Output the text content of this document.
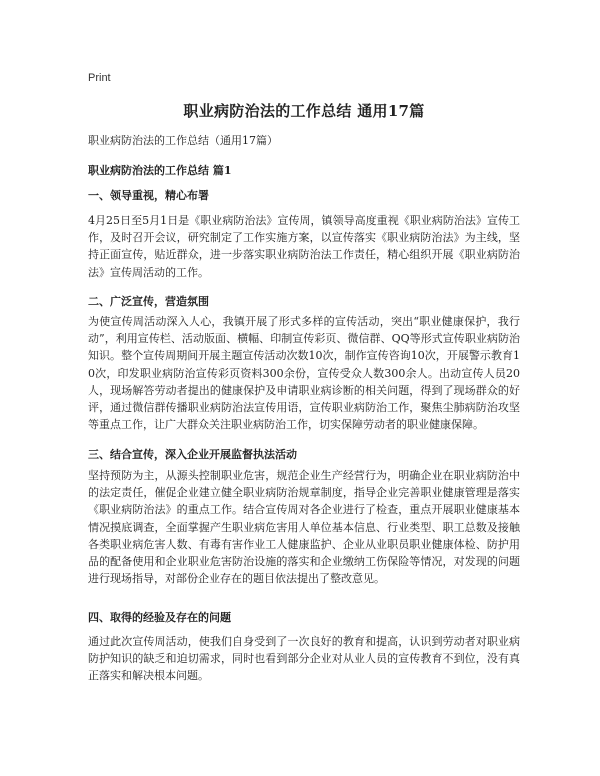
Print
职业病防治法的工作总结 通用17篇
职业病防治法的工作总结（通用17篇）
职业病防治法的工作总结 篇1
一、领导重视，精心布署

4月25日至5月1日是《职业病防治法》宣传周，镇领导高度重视《职业病防治法》宣传工作，及时召开会议，研究制定了工作实施方案，以宣传落实《职业病防治法》为主线，坚持正面宣传，贴近群众，进一步落实职业病防治法工作责任，精心组织开展《职业病防治法》宣传周活动的工作。

二、广泛宣传，营造氛围

为使宣传周活动深入人心，我镇开展了形式多样的宣传活动，突出“职业健康保护，我行动”，利用宣传栏、活动版面、横幅、印制宣传彩页、微信群、QQ等形式宣传职业病防治知识。整个宣传周期间开展主题宣传活动次数10次，制作宣传咨询10次，开展警示教育10次，印发职业病防治宣传彩页资料300余份，宣传受众人数300余人。出动宣传人员20人，现场解答劳动者提出的健康保护及申请职业病诊断的相关问题，得到了现场群众的好评，通过微信群传播职业病防治法宣传用语，宣传职业病防治工作，聚焦尘肺病防治攻坚等重点工作，让广大群众关注职业病防治工作，切实保障劳动者的职业健康保障。

三、结合宣传，深入企业开展监督执法活动

坚持预防为主，从源头控制职业危害，规范企业生产经营行为，明确企业在职业病防治中的法定责任，催促企业建立健全职业病防治规章制度，指导企业完善职业健康管理是落实《职业病防治法》的重点工作。结合宣传周对各企业进行了检查，重点开展职业健康基本情况摸底调查，全面掌握产生职业病危害用人单位基本信息、行业类型、职工总数及接触各类职业病危害人数、有毒有害作业工人健康监护、企业从业职员职业健康体检、防护用品的配备使用和企业职业危害防治设施的落实和企业缴纳工伤保险等情况，对发现的问题进行现场指导，对部份企业存在的题目依法提出了整改意见。

四、取得的经验及存在的问题

通过此次宣传周活动，使我们自身受到了一次良好的教育和提高，认识到劳动者对职业病防护知识的缺乏和迫切需求，同时也看到部分企业对从业人员的宣传教育不到位，没有真正落实和解决根本问题。
